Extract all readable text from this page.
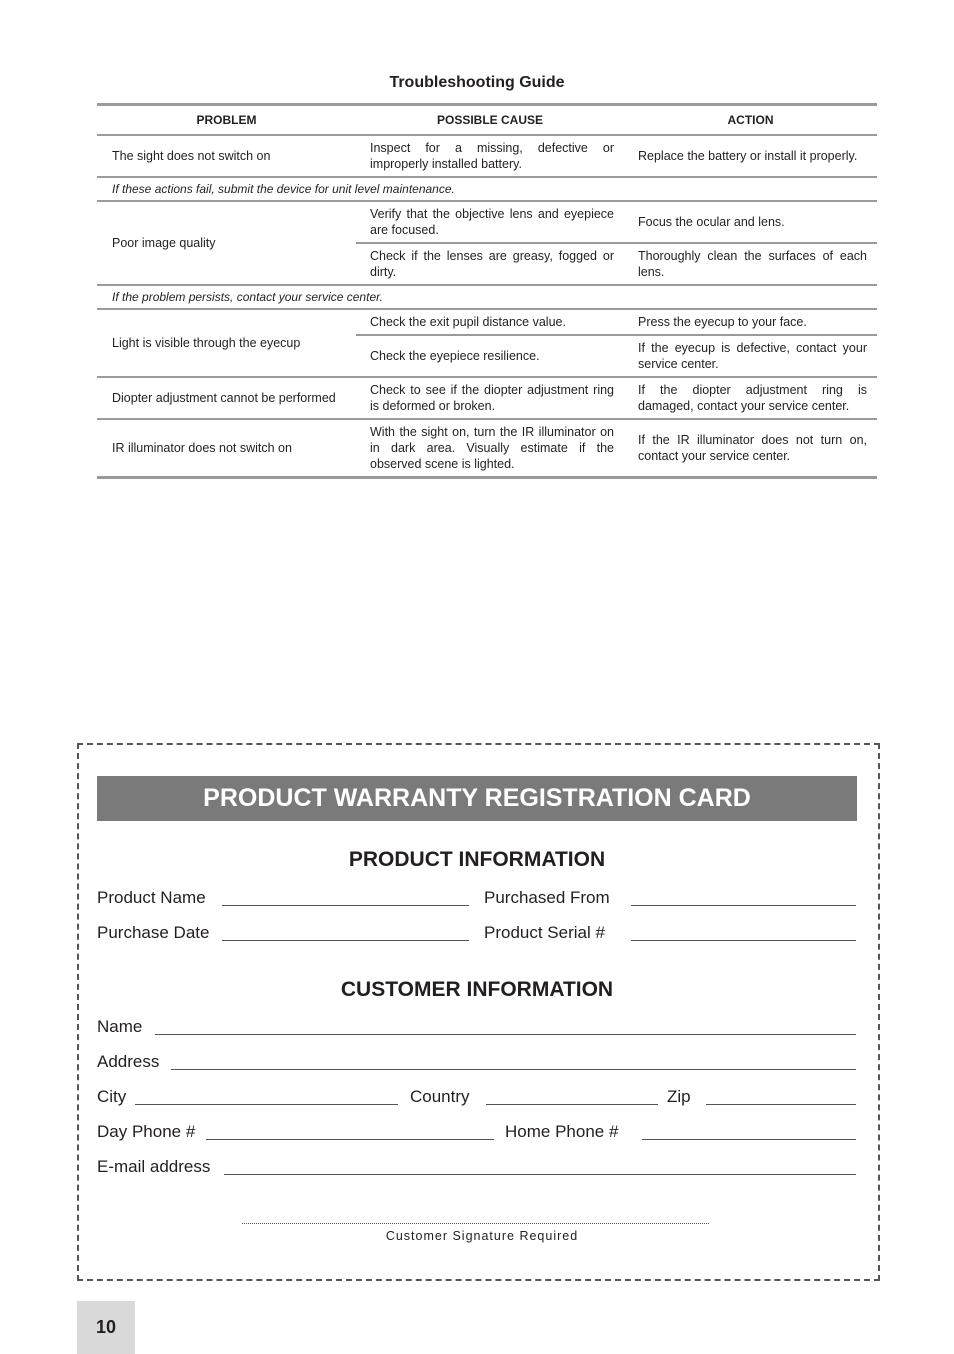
Troubleshooting Guide
PROBLEM	POSSIBLE CAUSE	ACTION
The sight does not switch on	Inspect for a missing, defective or improperly installed battery.	Replace the battery or install it properly.
If these actions fail, submit the device for unit level maintenance.		
Poor image quality	Verify that the objective lens and eyepiece are focused.	Focus the ocular and lens.
	Check if the lenses are greasy, fogged or dirty.	Thoroughly clean the surfaces of each lens.
If the problem persists, contact your service center.		
Light is visible through the eyecup	Check the exit pupil distance value.	Press the eyecup to your face.
	Check the eyepiece resilience.	If the eyecup is defective, contact your service center.
Diopter adjustment cannot be performed	Check to see if the diopter adjustment ring is deformed or broken.	If the diopter adjustment ring is damaged, contact your service center.
IR illuminator does not switch on	With the sight on, turn the IR illuminator on in dark area. Visually estimate if the observed scene is lighted.	If the IR illuminator does not turn on, contact your service center.
PRODUCT WARRANTY REGISTRATION CARD
PRODUCT INFORMATION
Product Name	Purchased From
Purchase Date	Product Serial #
CUSTOMER INFORMATION
Name
Address
City	Country	Zip
Day Phone #	Home Phone #
E-mail address
Customer Signature Required
10
